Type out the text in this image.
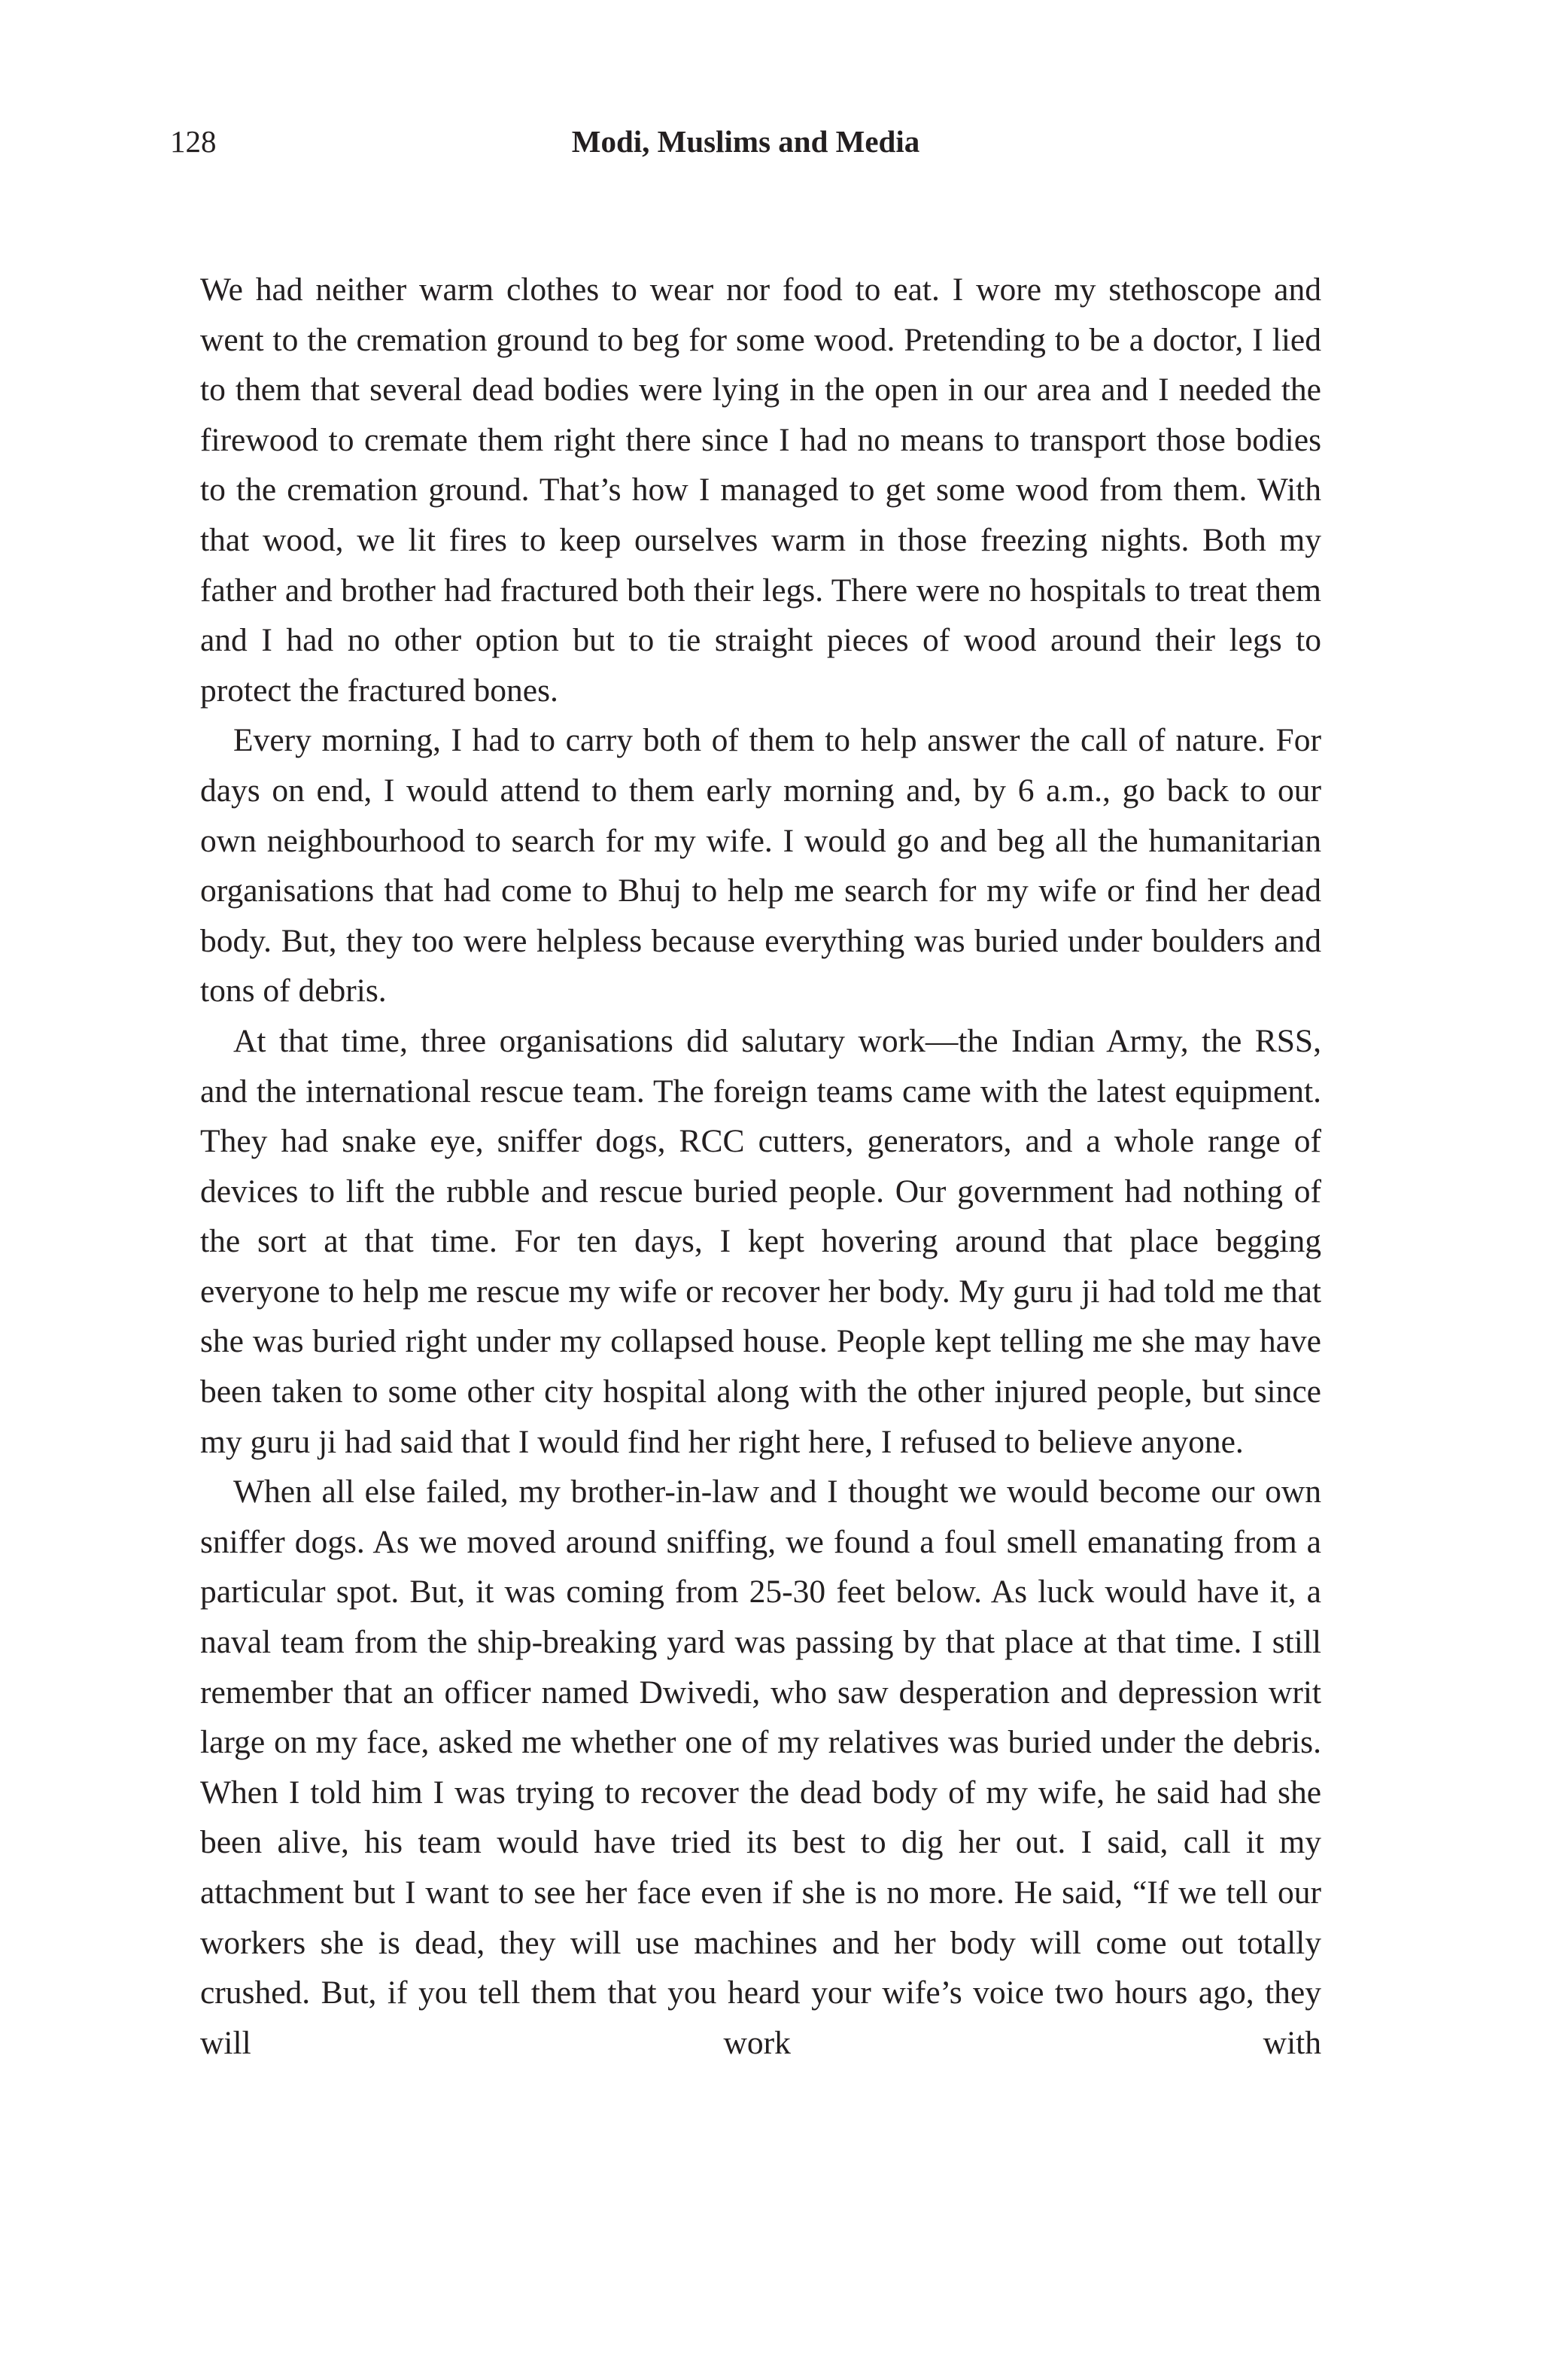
128	Modi, Muslims and Media

We had neither warm clothes to wear nor food to eat. I wore my stethoscope and went to the cremation ground to beg for some wood. Pretending to be a doctor, I lied to them that several dead bodies were lying in the open in our area and I needed the firewood to cremate them right there since I had no means to transport those bodies to the cremation ground. That’s how I managed to get some wood from them. With that wood, we lit fires to keep ourselves warm in those freezing nights. Both my father and brother had fractured both their legs. There were no hospitals to treat them and I had no other option but to tie straight pieces of wood around their legs to protect the fractured bones.

Every morning, I had to carry both of them to help answer the call of nature. For days on end, I would attend to them early morning and, by 6 a.m., go back to our own neighbourhood to search for my wife. I would go and beg all the humanitarian organisations that had come to Bhuj to help me search for my wife or find her dead body. But, they too were helpless because everything was buried under boulders and tons of debris.

At that time, three organisations did salutary work—the Indian Army, the RSS, and the international rescue team. The foreign teams came with the latest equipment. They had snake eye, sniffer dogs, RCC cutters, generators, and a whole range of devices to lift the rubble and rescue buried people. Our government had nothing of the sort at that time. For ten days, I kept hovering around that place begging everyone to help me rescue my wife or recover her body. My guru ji had told me that she was buried right under my collapsed house. People kept telling me she may have been taken to some other city hospital along with the other injured people, but since my guru ji had said that I would find her right here, I refused to believe anyone.

When all else failed, my brother-in-law and I thought we would become our own sniffer dogs. As we moved around sniffing, we found a foul smell emanating from a particular spot. But, it was coming from 25-30 feet below. As luck would have it, a naval team from the ship-breaking yard was passing by that place at that time. I still remember that an officer named Dwivedi, who saw desperation and depression writ large on my face, asked me whether one of my relatives was buried under the debris. When I told him I was trying to recover the dead body of my wife, he said had she been alive, his team would have tried its best to dig her out. I said, call it my attachment but I want to see her face even if she is no more. He said, “If we tell our workers she is dead, they will use machines and her body will come out totally crushed. But, if you tell them that you heard your wife’s voice two hours ago, they will work with
